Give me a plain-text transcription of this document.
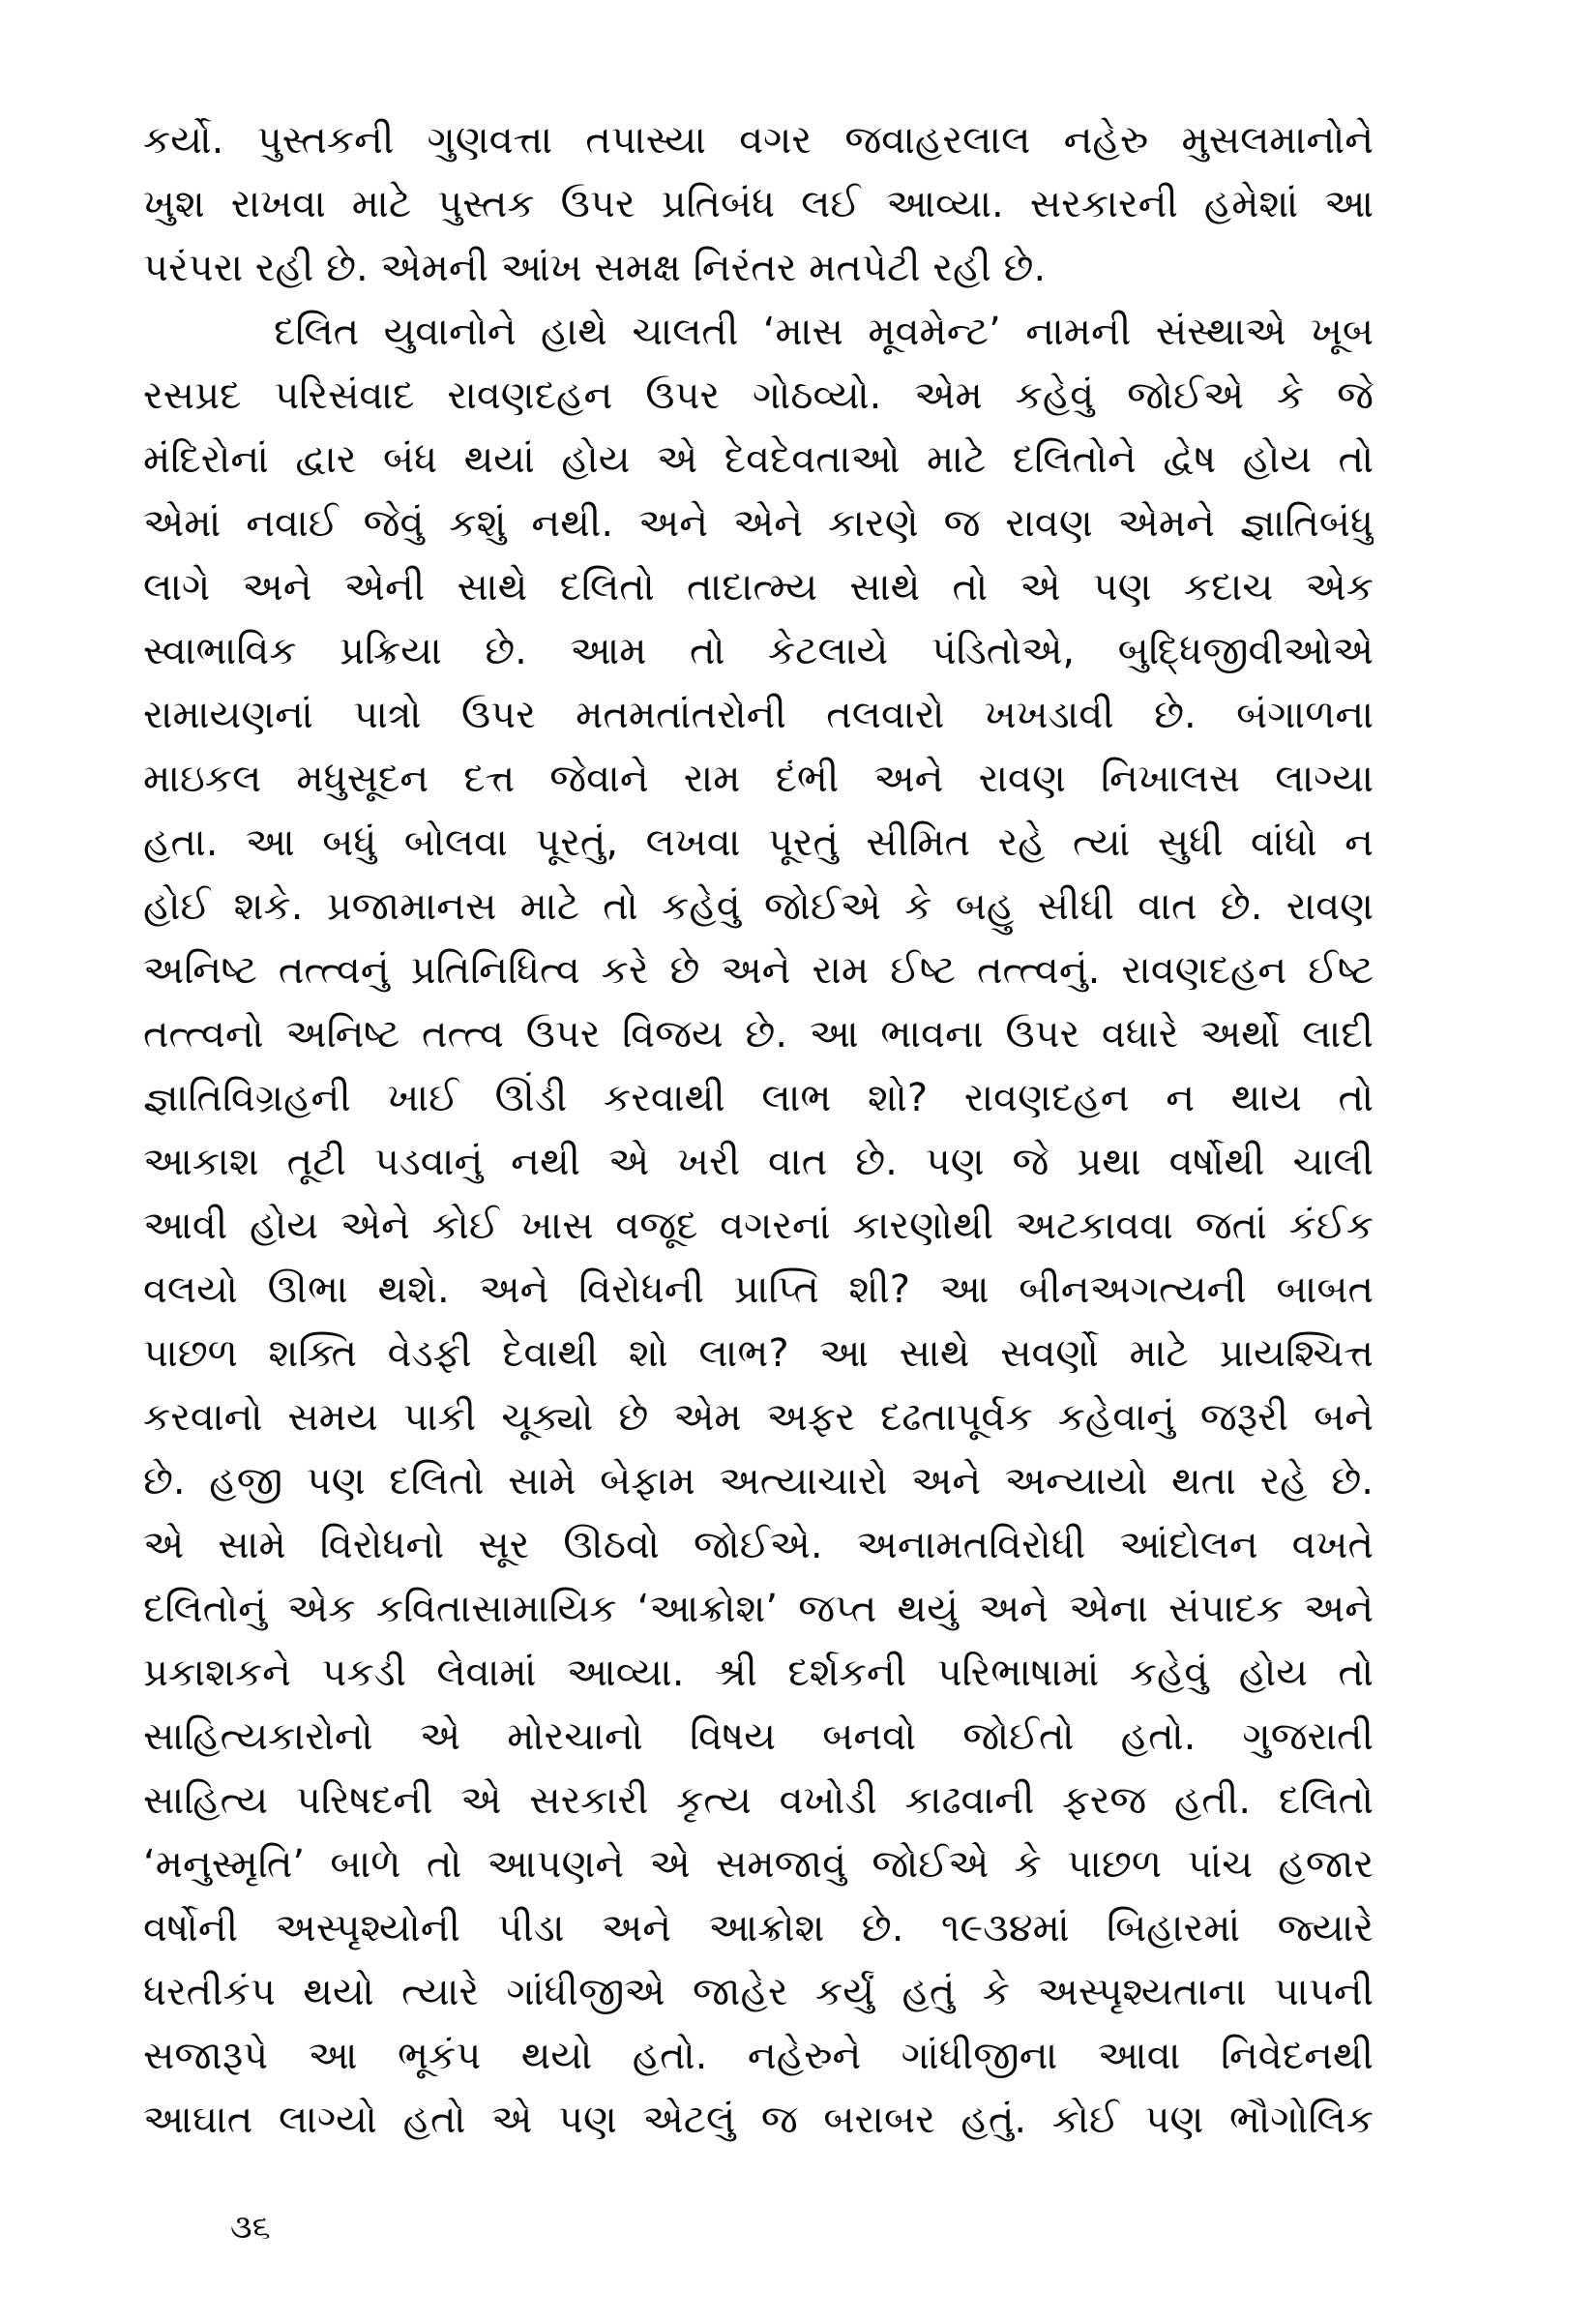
કર્યો. પુસ્તકની ગુણવત્તા તપાસ્યા વગર જવાહરલાલ નહેરુ મુસલમાનોને
ખુશ રાખવા માટે પુસ્તક ઉપર પ્રતિબંધ લઈ આવ્યા. સરકારની હમેશાં આ
પરંપરા રહી છે. એમની આંખ સમક્ષ નિરંતર મતપેટી રહી છે.
દલિત યુવાનોને હાથે ચાલતી ‘માસ મૂવમેન્ટ’ નામની સંસ્થાએ ખૂબ
રસપ્રદ પરિસંવાદ રાવણદહન ઉપર ગોઠવ્યો. એમ કહેવું જોઈએ કે જે
મંદિરોનાં દ્વાર બંધ થયાં હોય એ દેવદેવતાઓ માટે દલિતોને દ્વેષ હોય તો
એમાં નવાઈ જેવું કશું નથી. અને એને કારણે જ રાવણ એમને જ્ઞાતિબંધુ
લાગે અને એની સાથે દલિતો તાદાત્મ્ય સાથે તો એ પણ કદાચ એક
સ્વાભાવિક પ્રક્રિયા છે. આમ તો કેટલાયે પંડિતોએ, બુદ્ધિજીવીઓએ
રામાયણનાં પાત્રો ઉપર મતમતાંતરોની તલવારો ખખડાવી છે. બંગાળના
માઇકલ મધુસૂદન દત્ત જેવાને રામ દંભી અને રાવણ નિખાલસ લાગ્યા
હતા. આ બધું બોલવા પૂરતું, લખવા પૂરતું સીમિત રહે ત્યાં સુધી વાંધો ન
હોઈ શકે. પ્રજામાનસ માટે તો કહેવું જોઈએ કે બહુ સીધી વાત છે. રાવણ
અનિષ્ટ તત્ત્વનું પ્રતિનિધિત્વ કરે છે અને રામ ઈષ્ટ તત્ત્વનું. રાવણદહન ઈષ્ટ
તત્ત્વનો અનિષ્ટ તત્ત્વ ઉપર વિજય છે. આ ભાવના ઉપર વધારે અર્થો લાદી
જ્ઞાતિવિગ્રહની ખાઈ ઊંડી કરવાથી લાભ શો? રાવણદહન ન થાય તો
આકાશ તૂટી પડવાનું નથી એ ખરી વાત છે. પણ જે પ્રથા વર્ષોથી ચાલી
આવી હોય એને કોઈ ખાસ વજૂદ વગરનાં કારણોથી અટકાવવા જતાં કંઈક
વલયો ઊભા થશે. અને વિરોધની પ્રાપ્તિ શી? આ બીનઅગત્યની બાબત
પાછળ શક્તિ વેડફી દેવાથી શો લાભ? આ સાથે સવર્ણો માટે પ્રાયશ્ચિત્ત
કરવાનો સમય પાકી ચૂક્યો છે એમ અફર દઢતાપૂર્વક કહેવાનું જરૂરી બને
છે. હજી પણ દલિતો સામે બેફામ અત્યાચારો અને અન્યાયો થતા રહે છે.
એ સામે વિરોધનો સૂર ઊઠવો જોઈએ. અનામતવિરોધી આંદોલન વખતે
દલિતોનું એક કવિતાસામાયિક ‘આક્રોશ’ જપ્ત થયું અને એના સંપાદક અને
પ્રકાશકને પકડી લેવામાં આવ્યા. શ્રી દર્શકની પરિભાષામાં કહેવું હોય તો
સાહિત્યકારોનો એ મોરચાનો વિષય બનવો જોઈતો હતો. ગુજરાતી
સાહિત્ય પરિષદની એ સરકારી કૃત્ય વખોડી કાઢવાની ફરજ હતી. દલિતો
‘મનુસ્મૃતિ’ બાળે તો આપણને એ સમજાવું જોઈએ કે પાછળ પાંચ હજાર
વર્ષોની અસ્પૃશ્યોની પીડા અને આક્રોશ છે. ૧૯૩૪માં બિહારમાં જ્યારે
ધરતીકંપ થયો ત્યારે ગાંધીજીએ જાહેર કર્યું હતું કે અસ્પૃશ્યતાના પાપની
સજારૂપે આ ભૂકંપ થયો હતો. નહેરુને ગાંધીજીના આવા નિવેદનથી
આઘાત લાગ્યો હતો એ પણ એટલું જ બરાબર હતું. કોઈ પણ ભૌગોલિક
૩૬
